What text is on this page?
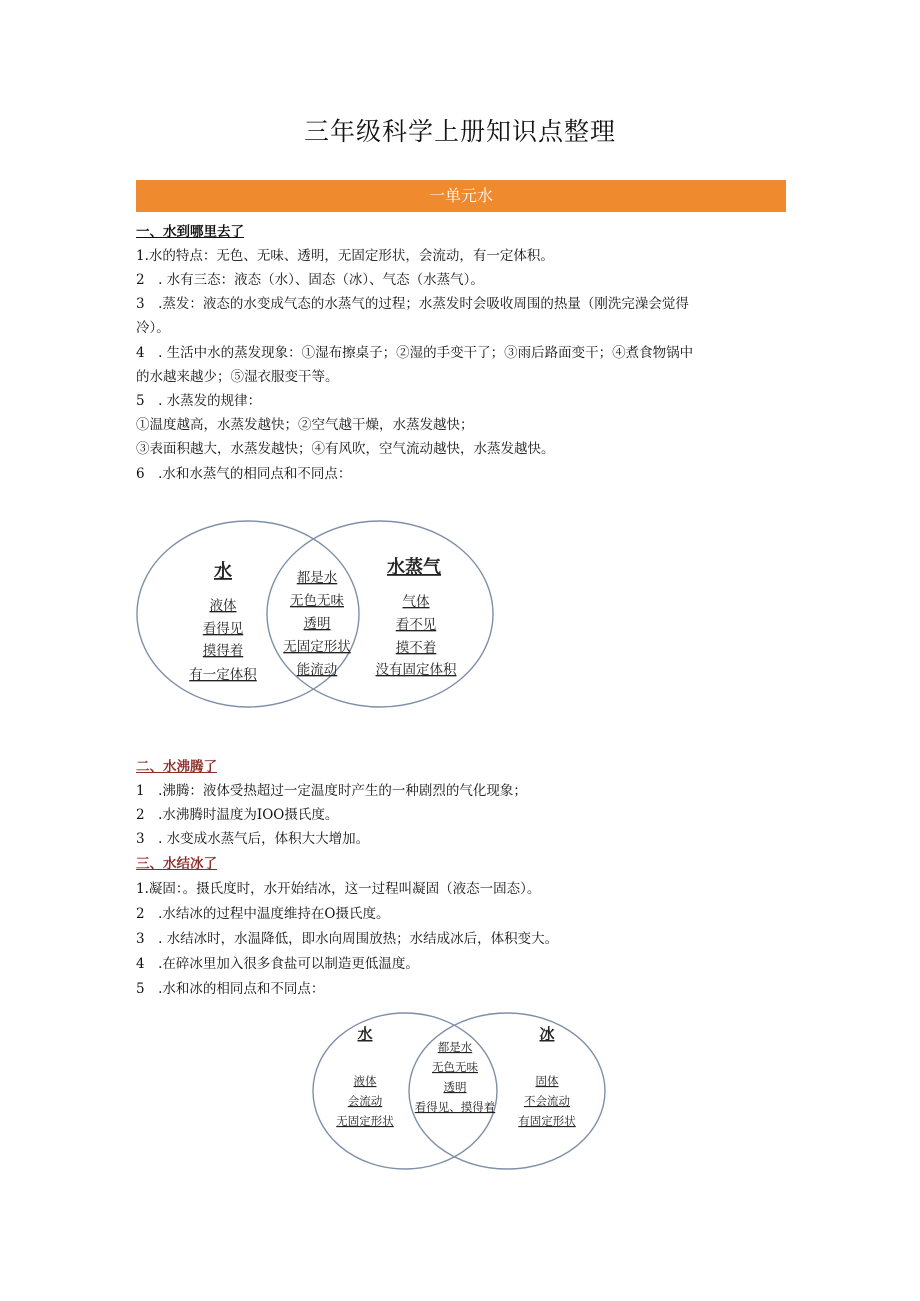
三年级科学上册知识点整理
一单元水
一、水到哪里去了
1.水的特点：无色、无味、透明，无固定形状，会流动，有一定体积。
2　. 水有三态：液态（水）、固态（冰）、气态（水蒸气）。
3　.蒸发：液态的水变成气态的水蒸气的过程；水蒸发时会吸收周围的热量（刚洗完澡会觉得
冷）。
4　. 生活中水的蒸发现象：①湿布擦桌子；②湿的手变干了；③雨后路面变干；④煮食物锅中
的水越来越少；⑤湿衣服变干等。
5　. 水蒸发的规律：
①温度越高，水蒸发越快；②空气越干燥，水蒸发越快；
③表面积越大，水蒸发越快；④有风吹，空气流动越快，水蒸发越快。
6　.水和水蒸气的相同点和不同点：
水
液体
看得见
摸得着
有一定体积
都是水
无色无味
透明
无固定形状
能流动
水蒸气
气体
看不见
摸不着
没有固定体积
二、水沸腾了
1　.沸腾：液体受热超过一定温度时产生的一种剧烈的气化现象；
2　.水沸腾时温度为IOO摄氏度。
3　. 水变成水蒸气后，体积大大增加。
三、水结冰了
1.凝固：。摄氏度时，水开始结冰，这一过程叫凝固（液态一固态）。
2　.水结冰的过程中温度维持在O摄氏度。
3　. 水结冰时，水温降低，即水向周围放热；水结成冰后，体积变大。
4　.在碎冰里加入很多食盐可以制造更低温度。
5　.水和冰的相同点和不同点：
水
液体
会流动
无固定形状
都是水
无色无味
透明
看得见、摸得着
冰
固体
不会流动
有固定形状
